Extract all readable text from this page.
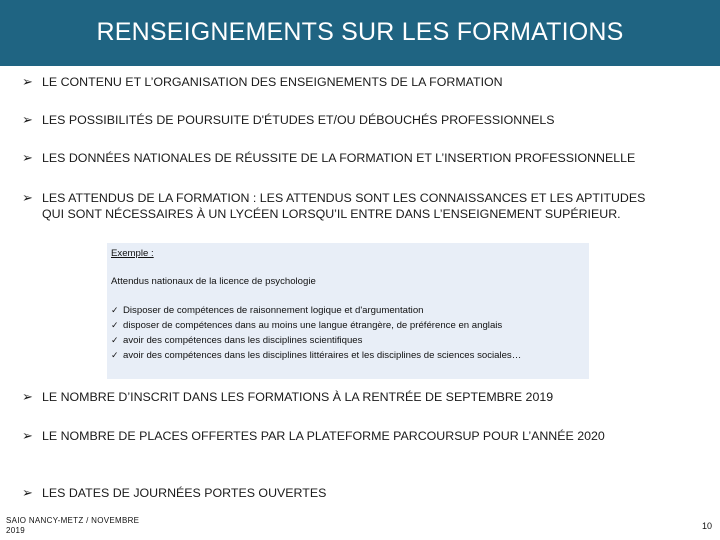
RENSEIGNEMENTS SUR LES FORMATIONS
➢ LE CONTENU ET L’ORGANISATION DES ENSEIGNEMENTS DE LA FORMATION
➢ LES POSSIBILITÉS DE POURSUITE D'ÉTUDES ET/OU DÉBOUCHÉS PROFESSIONNELS
➢ LES DONNÉES NATIONALES DE RÉUSSITE DE LA FORMATION ET L’INSERTION PROFESSIONNELLE
➢ LES ATTENDUS DE LA FORMATION : LES ATTENDUS SONT LES CONNAISSANCES ET LES APTITUDES QUI SONT NÉCESSAIRES À UN LYCÉEN LORSQU’IL ENTRE DANS L’ENSEIGNEMENT SUPÉRIEUR.
Exemple :
Attendus nationaux de la licence de psychologie
✓ Disposer de compétences de raisonnement logique et d'argumentation
✓ disposer de compétences dans au moins une langue étrangère, de préférence en anglais
✓ avoir des compétences dans les disciplines scientifiques
✓ avoir des compétences dans les disciplines littéraires et les disciplines de sciences sociales…
➢ LE NOMBRE D’INSCRIT DANS LES FORMATIONS À LA RENTRÉE DE SEPTEMBRE 2019
➢ LE NOMBRE DE PLACES OFFERTES PAR LA PLATEFORME PARCOURSUP POUR L’ANNÉE 2020
➢ LES DATES DE JOURNÉES PORTES OUVERTES
SAIO NANCY-METZ / NOVEMBRE
2019	10
